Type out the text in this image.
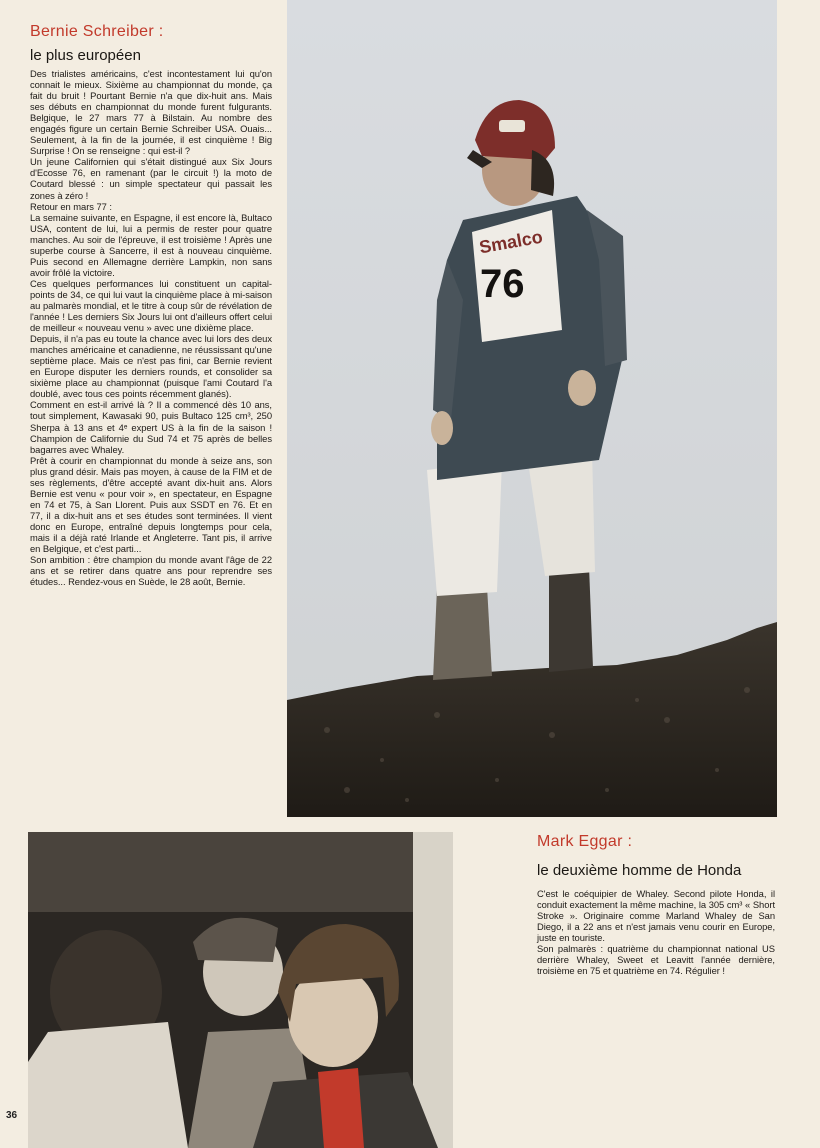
Bernie Schreiber :
le plus européen

Des trialistes américains, c'est incontestament lui qu'on connait le mieux. Sixième au championnat du monde, ça fait du bruit ! Pourtant Bernie n'a que dix-huit ans. Mais ses débuts en championnat du monde furent fulgurants. Belgique, le 27 mars 77 à Bilstain. Au nombre des engagés figure un certain Bernie Schreiber USA. Ouais... Seulement, à la fin de la journée, il est cinquième ! Big Surprise ! On se renseigne : qui est-il ?

Un jeune Californien qui s'était distingué aux Six Jours d'Ecosse 76, en ramenant (par le circuit !) la moto de Coutard blessé : un simple spectateur qui passait les zones à zéro !

Retour en mars 77 :

La semaine suivante, en Espagne, il est encore là, Bultaco USA, content de lui, lui a permis de rester pour quatre manches. Au soir de l'épreuve, il est troisième ! Après une superbe course à Sancerre, il est à nouveau cinquième. Puis second en Allemagne derrière Lampkin, non sans avoir frôlé la victoire.

Ces quelques performances lui constituent un capital-points de 34, ce qui lui vaut la cinquième place à mi-saison au palmarès mondial, et le titre à coup sûr de révélation de l'année ! Les derniers Six Jours lui ont d'ailleurs offert celui de meilleur « nouveau venu » avec une dixième place.

Depuis, il n'a pas eu toute la chance avec lui lors des deux manches américaine et canadienne, ne réussissant qu'une septième place. Mais ce n'est pas fini, car Bernie revient en Europe disputer les derniers rounds, et consolider sa sixième place au championnat (puisque l'ami Coutard l'a doublé, avec tous ces points récemment glanés).

Comment en est-il arrivé là ? Il a commencé dès 10 ans, tout simplement, Kawasaki 90, puis Bultaco 125 cm³, 250 Sherpa à 13 ans et 4ᵉ expert US à la fin de la saison ! Champion de Californie du Sud 74 et 75 après de belles bagarres avec Whaley.

Prêt à courir en championnat du monde à seize ans, son plus grand désir. Mais pas moyen, à cause de la FIM et de ses règlements, d'être accepté avant dix-huit ans. Alors Bernie est venu « pour voir », en spectateur, en Espagne en 74 et 75, à San Llorent. Puis aux SSDT en 76. Et en 77, il a dix-huit ans et ses études sont terminées. Il vient donc en Europe, entraîné depuis longtemps pour cela, mais il a déjà raté Irlande et Angleterre. Tant pis, il arrive en Belgique, et c'est parti...

Son ambition : être champion du monde avant l'âge de 22 ans et se retirer dans quatre ans pour reprendre ses études... Rendez-vous en Suède, le 28 août, Bernie.

Smalco
76
Mark Eggar :
le deuxième homme de Honda

C'est le coéquipier de Whaley. Second pilote Honda, il conduit exactement la même machine, la 305 cm³ « Short Stroke ». Originaire comme Marland Whaley de San Diego, il a 22 ans et n'est jamais venu courir en Europe, juste en touriste.

Son palmarès : quatrième du championnat national US derrière Whaley, Sweet et Leavitt l'année dernière, troisième en 75 et quatrième en 74. Régulier !

36
